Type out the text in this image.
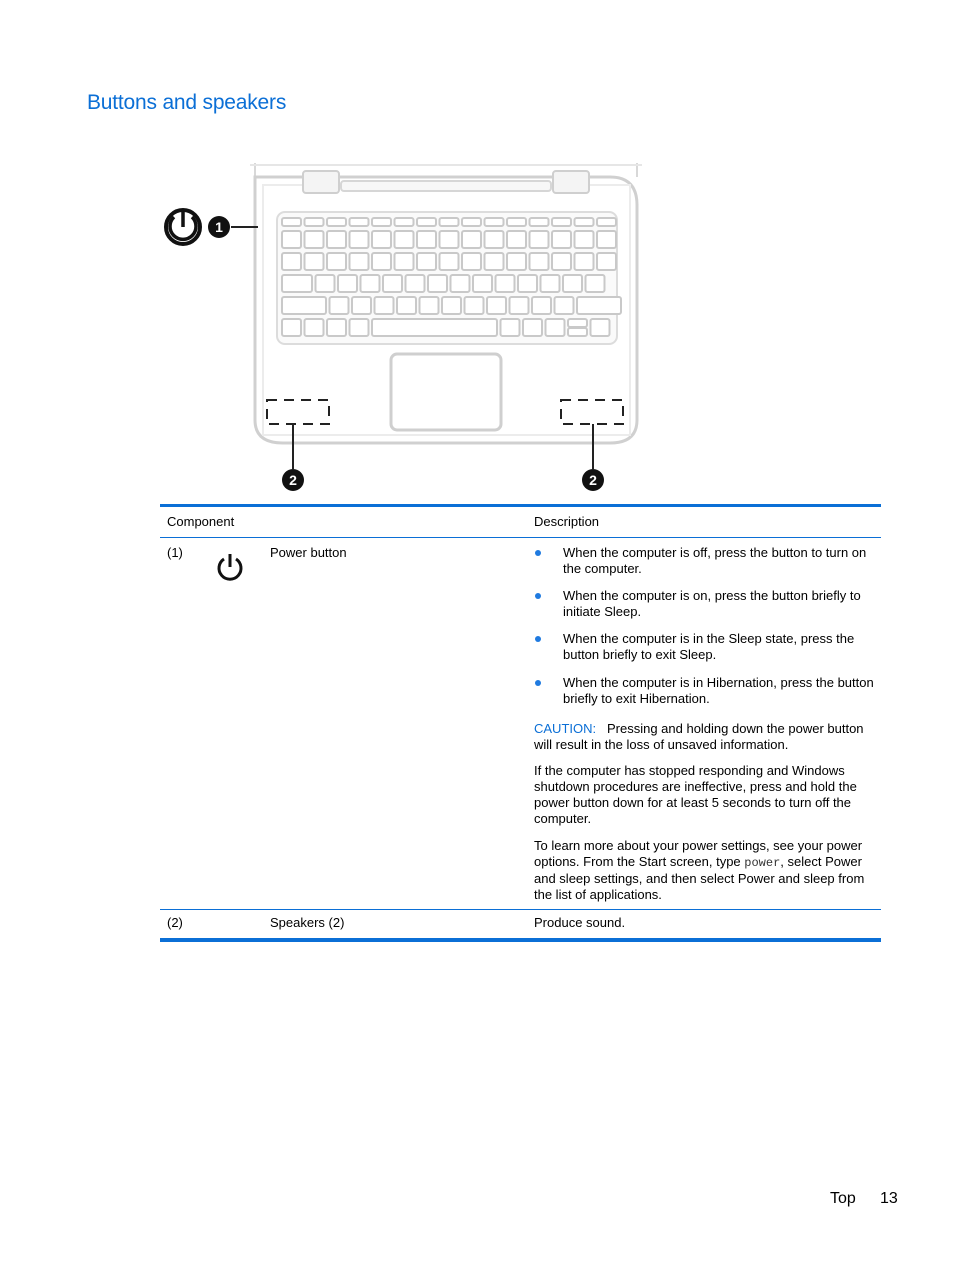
Buttons and speakers
1
2	2
Component	Description
(1)	Power button	When the computer is off, press the button to turn on the computer.
When the computer is on, press the button briefly to initiate Sleep.
When the computer is in the Sleep state, press the button briefly to exit Sleep.
When the computer is in Hibernation, press the button briefly to exit Hibernation.
CAUTION: Pressing and holding down the power button will result in the loss of unsaved information.
If the computer has stopped responding and Windows shutdown procedures are ineffective, press and hold the power button down for at least 5 seconds to turn off the computer.
To learn more about your power settings, see your power options. From the Start screen, type power, select Power and sleep settings, and then select Power and sleep from the list of applications.
(2)	Speakers (2)	Produce sound.
Top 13
